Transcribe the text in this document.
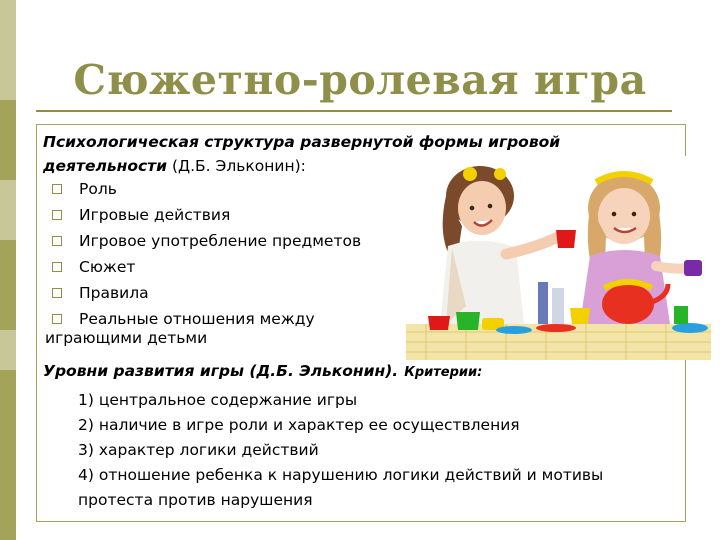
Сюжетно-ролевая игра
Психологическая структура развернутой формы игровой деятельности (Д.Б. Эльконин):
Роль
Игровые действия
Игровое употребление предметов
Сюжет
Правила
Реальные отношения между
играющими детьми
Уровни развития игры (Д.Б. Эльконин). Критерии:
1) центральное содержание игры
2) наличие в игре роли и характер ее осуществления
3) характер логики действий
4) отношение ребенка к нарушению логики действий и мотивы протеста против нарушения
